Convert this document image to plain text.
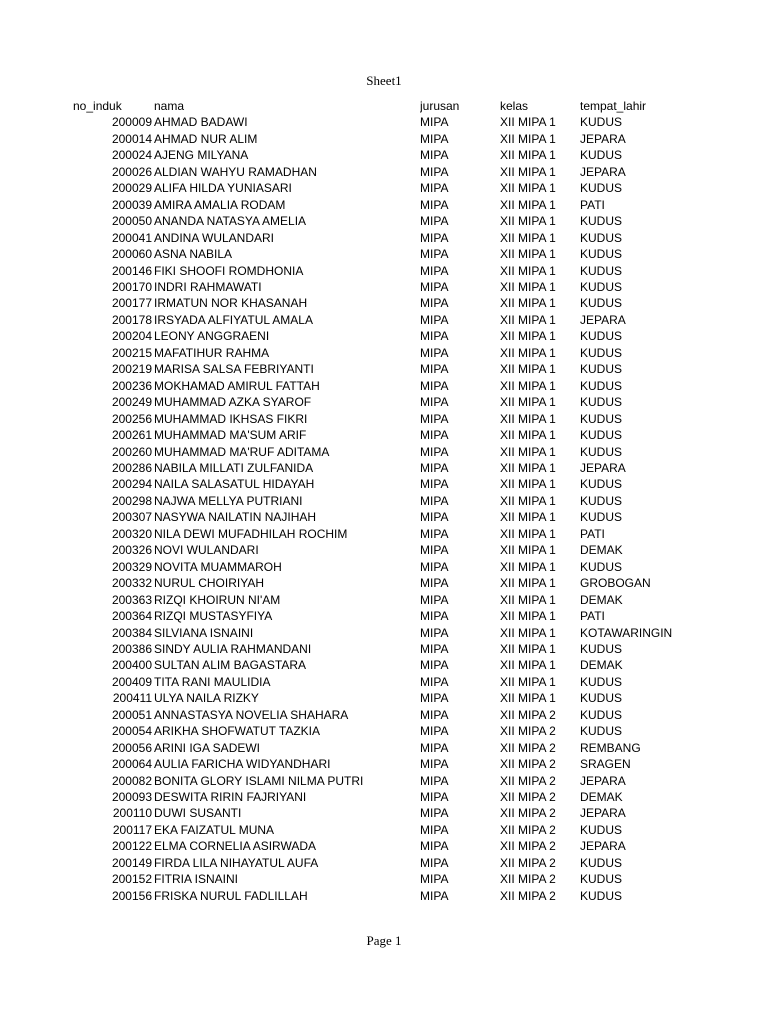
Sheet1
no_induk	nama	jurusan	kelas	tempat_lahir
200009	AHMAD BADAWI	MIPA	XII MIPA 1	KUDUS
200014	AHMAD NUR ALIM	MIPA	XII MIPA 1	JEPARA
200024	AJENG MILYANA	MIPA	XII MIPA 1	KUDUS
200026	ALDIAN WAHYU RAMADHAN	MIPA	XII MIPA 1	JEPARA
200029	ALIFA HILDA YUNIASARI	MIPA	XII MIPA 1	KUDUS
200039	AMIRA AMALIA RODAM	MIPA	XII MIPA 1	PATI
200050	ANANDA NATASYA AMELIA	MIPA	XII MIPA 1	KUDUS
200041	ANDINA WULANDARI	MIPA	XII MIPA 1	KUDUS
200060	ASNA NABILA	MIPA	XII MIPA 1	KUDUS
200146	FIKI SHOOFI ROMDHONIA	MIPA	XII MIPA 1	KUDUS
200170	INDRI RAHMAWATI	MIPA	XII MIPA 1	KUDUS
200177	IRMATUN NOR KHASANAH	MIPA	XII MIPA 1	KUDUS
200178	IRSYADA ALFIYATUL AMALA	MIPA	XII MIPA 1	JEPARA
200204	LEONY ANGGRAENI	MIPA	XII MIPA 1	KUDUS
200215	MAFATIHUR RAHMA	MIPA	XII MIPA 1	KUDUS
200219	MARISA SALSA FEBRIYANTI	MIPA	XII MIPA 1	KUDUS
200236	MOKHAMAD AMIRUL FATTAH	MIPA	XII MIPA 1	KUDUS
200249	MUHAMMAD AZKA SYAROF	MIPA	XII MIPA 1	KUDUS
200256	MUHAMMAD IKHSAS FIKRI	MIPA	XII MIPA 1	KUDUS
200261	MUHAMMAD MA'SUM ARIF	MIPA	XII MIPA 1	KUDUS
200260	MUHAMMAD MA'RUF ADITAMA	MIPA	XII MIPA 1	KUDUS
200286	NABILA MILLATI ZULFANIDA	MIPA	XII MIPA 1	JEPARA
200294	NAILA SALASATUL HIDAYAH	MIPA	XII MIPA 1	KUDUS
200298	NAJWA MELLYA PUTRIANI	MIPA	XII MIPA 1	KUDUS
200307	NASYWA NAILATIN NAJIHAH	MIPA	XII MIPA 1	KUDUS
200320	NILA DEWI MUFADHILAH ROCHIM	MIPA	XII MIPA 1	PATI
200326	NOVI WULANDARI	MIPA	XII MIPA 1	DEMAK
200329	NOVITA MUAMMAROH	MIPA	XII MIPA 1	KUDUS
200332	NURUL CHOIRIYAH	MIPA	XII MIPA 1	GROBOGAN
200363	RIZQI KHOIRUN NI'AM	MIPA	XII MIPA 1	DEMAK
200364	RIZQI MUSTASYFIYA	MIPA	XII MIPA 1	PATI
200384	SILVIANA ISNAINI	MIPA	XII MIPA 1	KOTAWARINGIN
200386	SINDY AULIA RAHMANDANI	MIPA	XII MIPA 1	KUDUS
200400	SULTAN ALIM BAGASTARA	MIPA	XII MIPA 1	DEMAK
200409	TITA RANI MAULIDIA	MIPA	XII MIPA 1	KUDUS
200411	ULYA NAILA RIZKY	MIPA	XII MIPA 1	KUDUS
200051	ANNASTASYA NOVELIA SHAHARA	MIPA	XII MIPA 2	KUDUS
200054	ARIKHA SHOFWATUT TAZKIA	MIPA	XII MIPA 2	KUDUS
200056	ARINI IGA SADEWI	MIPA	XII MIPA 2	REMBANG
200064	AULIA FARICHA WIDYANDHARI	MIPA	XII MIPA 2	SRAGEN
200082	BONITA GLORY ISLAMI NILMA PUTRI	MIPA	XII MIPA 2	JEPARA
200093	DESWITA RIRIN FAJRIYANI	MIPA	XII MIPA 2	DEMAK
200110	DUWI SUSANTI	MIPA	XII MIPA 2	JEPARA
200117	EKA FAIZATUL MUNA	MIPA	XII MIPA 2	KUDUS
200122	ELMA CORNELIA ASIRWADA	MIPA	XII MIPA 2	JEPARA
200149	FIRDA LILA NIHAYATUL AUFA	MIPA	XII MIPA 2	KUDUS
200152	FITRIA ISNAINI	MIPA	XII MIPA 2	KUDUS
200156	FRISKA NURUL FADLILLAH	MIPA	XII MIPA 2	KUDUS
Page 1
